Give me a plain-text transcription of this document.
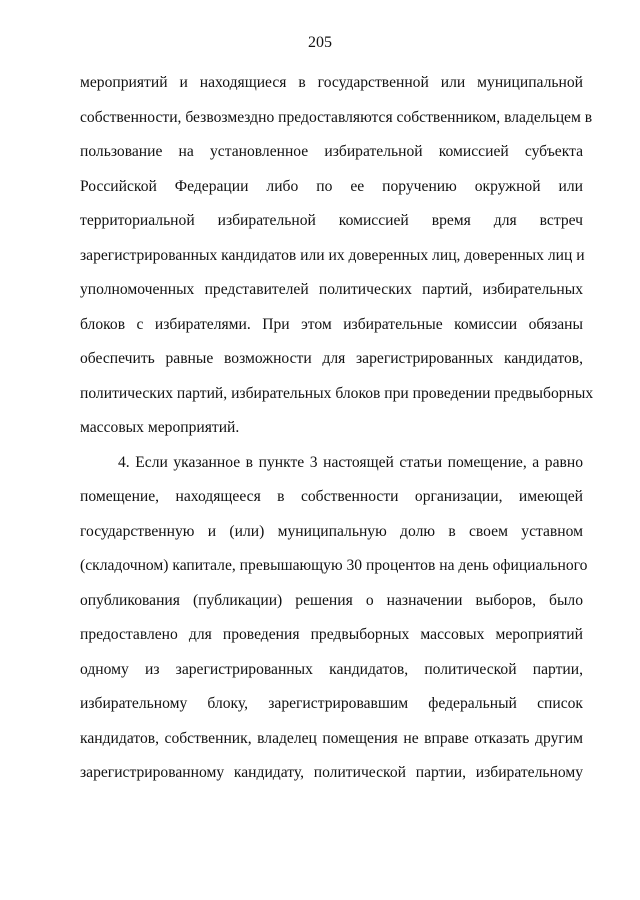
205
мероприятий и находящиеся в государственной или муниципальной
собственности, безвозмездно предоставляются собственником, владельцем в
пользование на установленное избирательной комиссией субъекта
Российской Федерации либо по ее поручению окружной или
территориальной избирательной комиссией время для встреч
зарегистрированных кандидатов или их доверенных лиц, доверенных лиц и
уполномоченных представителей политических партий, избирательных
блоков с избирателями. При этом избирательные комиссии обязаны
обеспечить равные возможности для зарегистрированных кандидатов,
политических партий, избирательных блоков при проведении предвыборных
массовых мероприятий.
4. Если указанное в пункте 3 настоящей статьи помещение, а равно
помещение, находящееся в собственности организации, имеющей
государственную и (или) муниципальную долю в своем уставном
(складочном) капитале, превышающую 30 процентов на день официального
опубликования (публикации) решения о назначении выборов, было
предоставлено для проведения предвыборных массовых мероприятий
одному из зарегистрированных кандидатов, политической партии,
избирательному блоку, зарегистрировавшим федеральный список
кандидатов, собственник, владелец помещения не вправе отказать другим
зарегистрированному кандидату, политической партии, избирательному
